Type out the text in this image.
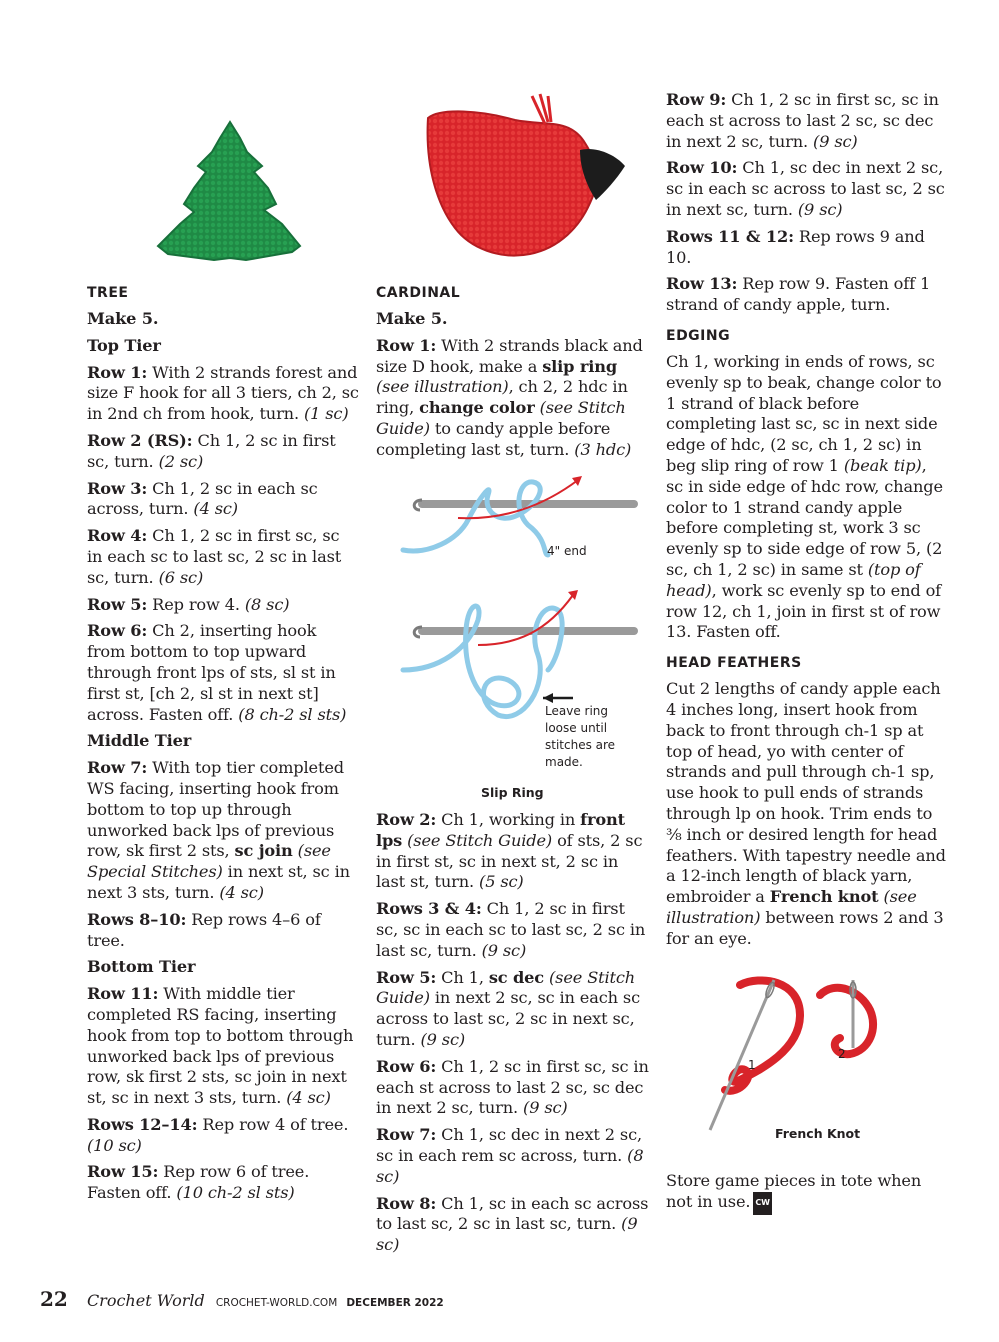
TREE

Make 5.

Top Tier

Row 1: With 2 strands forest and size F hook for all 3 tiers, ch 2, sc in 2nd ch from hook, turn. (1 sc)

Row 2 (RS): Ch 1, 2 sc in first sc, turn. (2 sc)

Row 3: Ch 1, 2 sc in each sc across, turn. (4 sc)

Row 4: Ch 1, 2 sc in first sc, sc in each sc to last sc, 2 sc in last sc, turn. (6 sc)

Row 5: Rep row 4. (8 sc)

Row 6: Ch 2, inserting hook from bottom to top upward through front lps of sts, sl st in first st, [ch 2, sl st in next st] across. Fasten off. (8 ch-2 sl sts)

Middle Tier

Row 7: With top tier completed WS facing, inserting hook from bottom to top up through unworked back lps of previous row, sk first 2 sts, sc join (see Special Stitches) in next st, sc in next 3 sts, turn. (4 sc)

Rows 8–10: Rep rows 4–6 of tree.

Bottom Tier

Row 11: With middle tier completed RS facing, inserting hook from top to bottom through unworked back lps of previous row, sk first 2 sts, sc join in next st, sc in next 3 sts, turn. (4 sc)

Rows 12–14: Rep row 4 of tree. (10 sc)

Row 15: Rep row 6 of tree. Fasten off. (10 ch-2 sl sts)

CARDINAL

Make 5.

Row 1: With 2 strands black and size D hook, make a slip ring (see illustration), ch 2, 2 hdc in ring, change color (see Stitch Guide) to candy apple before completing last st, turn. (3 hdc)

4" end
Leave ring loose until stitches are made.
Slip Ring

Row 2: Ch 1, working in front lps (see Stitch Guide) of sts, 2 sc in first st, sc in next st, 2 sc in last st, turn. (5 sc)

Rows 3 & 4: Ch 1, 2 sc in first sc, sc in each sc to last sc, 2 sc in last sc, turn. (9 sc)

Row 5: Ch 1, sc dec (see Stitch Guide) in next 2 sc, sc in each sc across to last sc, 2 sc in next sc, turn. (9 sc)

Row 6: Ch 1, 2 sc in first sc, sc in each st across to last 2 sc, sc dec in next 2 sc, turn. (9 sc)

Row 7: Ch 1, sc dec in next 2 sc, sc in each rem sc across, turn. (8 sc)

Row 8: Ch 1, sc in each sc across to last sc, 2 sc in last sc, turn. (9 sc)

Row 9: Ch 1, 2 sc in first sc, sc in each st across to last 2 sc, sc dec in next 2 sc, turn. (9 sc)

Row 10: Ch 1, sc dec in next 2 sc, sc in each sc across to last sc, 2 sc in next sc, turn. (9 sc)

Rows 11 & 12: Rep rows 9 and 10.

Row 13: Rep row 9. Fasten off 1 strand of candy apple, turn.

EDGING

Ch 1, working in ends of rows, sc evenly sp to beak, change color to 1 strand of black before completing last sc, sc in next side edge of hdc, (2 sc, ch 1, 2 sc) in beg slip ring of row 1 (beak tip), sc in side edge of hdc row, change color to 1 strand candy apple before completing st, work 3 sc evenly sp to side edge of row 5, (2 sc, ch 1, 2 sc) in same st (top of head), work sc evenly sp to end of row 12, ch 1, join in first st of row 13. Fasten off.

HEAD FEATHERS

Cut 2 lengths of candy apple each 4 inches long, insert hook from back to front through ch-1 sp at top of head, yo with center of strands and pull through ch-1 sp, use hook to pull ends of strands through lp on hook. Trim ends to ⅜ inch or desired length for head feathers. With tapestry needle and a 12-inch length of black yarn, embroider a French knot (see illustration) between rows 2 and 3 for an eye.

1
2
French Knot

Store game pieces in tote when not in use. CW

22 Crochet World CROCHET-WORLD.COM DECEMBER 2022
